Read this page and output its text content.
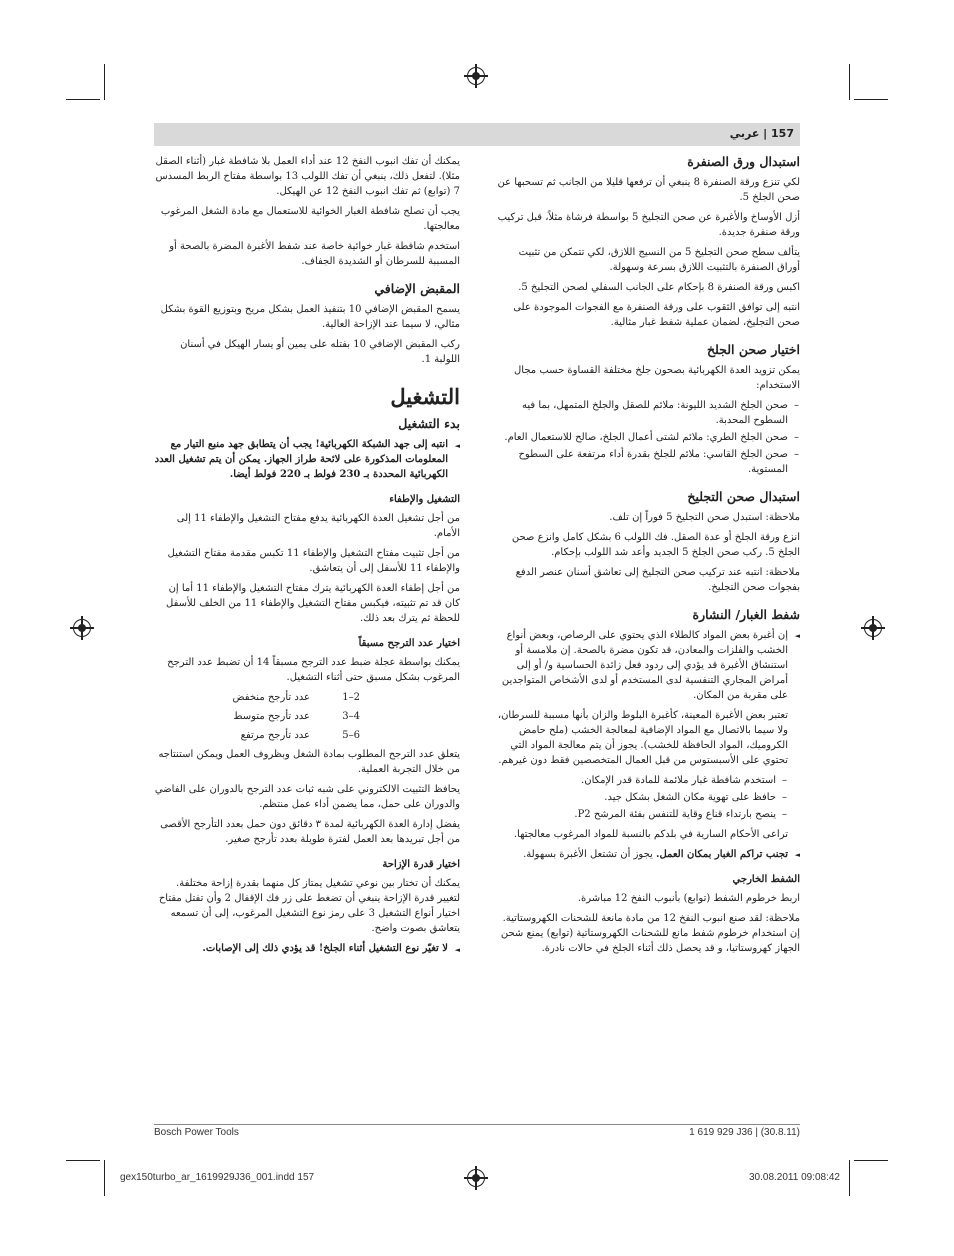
157 | عربي
استبدال ورق الصنفرة

لكي تنزع ورقة الصنفرة 8 ينبغي أن ترفعها قليلا من الجانب ثم تسحبها عن صحن الجلخ 5.

أزل الأوساخ والأغبرة عن صحن التجليخ 5 بواسطة فرشاة مثلاً، قبل تركيب ورقة صنفرة جديدة.

يتألف سطح صحن التجليخ 5 من النسيج اللازق، لكي تتمكن من تثبيت أوراق الصنفرة بالتثبيت اللازق بسرعة وسهولة.

اكبس ورقة الصنفرة 8 بإحكام على الجانب السفلي لصحن التجليخ 5.

انتبه إلى توافق الثقوب على ورقة الصنفرة مع الفجوات الموجودة على صحن التجليخ، لضمان عملية شفط غبار مثالية.

اختيار صحن الجلخ

يمكن تزويد العدة الكهربائية بصحون جلخ مختلفة القساوة حسب مجال الاستخدام:

– صحن الجلخ الشديد الليونة: ملائم للصقل والجلخ المتمهل، بما فيه السطوح المحدبة.
– صحن الجلخ الطري: ملائم لشتى أعمال الجلخ، صالح للاستعمال العام.
– صحن الجلخ القاسي: ملائم للجلخ بقدرة أداء مرتفعة على السطوح المستوية.
استبدال صحن التجليخ

ملاحظة: استبدل صحن التجليخ 5 فوراً إن تلف.

انزع ورقة الجلخ أو عدة الصقل. فك اللولب 6 بشكل كامل وانزع صحن الجلخ 5. ركب صحن الجلخ 5 الجديد وأعد شد اللولب بإحكام.

ملاحظة: انتبه عند تركيب صحن التجليخ إلى تعاشق أسنان عنصر الدفع بفجوات صحن التجليخ.

شفط الغبار/ النشارة
◄ إن أغبرة بعض المواد كالطلاء الذي يحتوي على الرصاص، وبعض أنواع الخشب والفلزات والمعادن، قد تكون مضرة بالصحة. إن ملامسة أو استنشاق الأغبرة قد يؤدي إلى ردود فعل زائدة الحساسية و/ أو إلى أمراض المجاري التنفسية لدى المستخدم أو لدى الأشخاص المتواجدين على مقربة من المكان.

تعتبر بعض الأغبرة المعينة، كأغبرة البلوط والزان بأنها مسببة للسرطان، ولا سيما بالاتصال مع المواد الإضافية لمعالجة الخشب (ملح حامض الكروميك، المواد الحافظة للخشب). يجوز أن يتم معالجة المواد التي تحتوي على الأسبستوس من قبل العمال المتخصصين فقط دون غيرهم.

– استخدم شافطة غبار ملائمة للمادة قدر الإمكان.
– حافظ على تهوية مكان الشغل بشكل جيد.
– ينصح بارتداء قناع وقاية للتنفس بفئة المرشح P2.

تراعى الأحكام السارية في بلدكم بالنسبة للمواد المرغوب معالجتها.

◄ تجنب تراكم الغبار بمكان العمل. يجوز أن تشتعل الأغبرة بسهولة.
الشفط الخارجي

اربط خرطوم الشفط (توابع) بأنبوب النفخ 12 مباشرة.

ملاحظة: لقد صنع انبوب النفخ 12 من مادة مانعة للشحنات الكهروستاتية. إن استخدام خرطوم شفط مانع للشحنات الكهروستاتية (توابع) يمنع شحن الجهاز كهروستاتيا، و قد يحصل ذلك أثناء الجلخ في حالات نادرة.

يمكنك أن تفك انبوب النفخ 12 عند أداء العمل بلا شافطة غبار (أثناء الصقل مثلا). لتفعل ذلك، ينبغي أن تفك اللولب 13 بواسطة مفتاح الربط المسدس 7 (توابع) ثم تفك انبوب النفخ 12 عن الهيكل.

يجب أن تصلح شافطة الغبار الخوائية للاستعمال مع مادة الشغل المرغوب معالجتها.

استخدم شافطة غبار خوائية خاصة عند شفط الأغبرة المضرة بالصحة أو المسببة للسرطان أو الشديدة الجفاف.

المقبض الإضافي

يسمح المقبض الإضافي 10 بتنفيذ العمل بشكل مريح وبتوزيع القوة بشكل مثالي، لا سيما عند الإزاحة العالية.

ركب المقبض الإضافي 10 بفتله على يمين أو يسار الهيكل في أسنان اللولبة 1.

التشغيل
بدء التشغيل
◄ انتبه إلى جهد الشبكة الكهربائية! يجب أن يتطابق جهد منبع التيار مع المعلومات المذكورة على لائحة طراز الجهاز. يمكن أن يتم تشغيل العدد الكهربائية المحددة بـ 230 فولط بـ 220 فولط أيضا.
التشغيل والإطفاء

من أجل تشغيل العدة الكهربائية يدفع مفتاح التشغيل والإطفاء 11 إلى الأمام.

من أجل تثبيت مفتاح التشغيل والإطفاء 11 تكبس مقدمة مفتاح التشغيل والإطفاء 11 للأسفل إلى أن يتعاشق.

من أجل إطفاء العدة الكهربائية يترك مفتاح التشغيل والإطفاء 11 أما إن كان قد تم تثبيته، فيكبس مفتاح التشغيل والإطفاء 11 من الخلف للأسفل للحظة ثم يترك بعد ذلك.

اختيار عدد الترجح مسبقاً

يمكنك بواسطة عجلة ضبط عدد الترجح مسبقاً 14 أن تضبط عدد الترجح المرغوب بشكل مسبق حتى أثناء التشغيل.

2–1
عدد تأرجح منخفض
4–3
عدد تأرجح متوسط
6–5
عدد تأرجح مرتفع

يتعلق عدد الترجح المطلوب بمادة الشغل وبظروف العمل ويمكن استنتاجه من خلال التجربة العملية.

يحافظ التثبيت الالكتروني على شبه ثبات عدد الترجح بالدوران على الفاضي والدوران على حمل، مما يضمن أداء عمل منتظم.

يفضل إدارة العدة الكهربائية لمدة ٣ دقائق دون حمل بعدد التأرجح الأقصى من أجل تبريدها بعد العمل لفترة طويلة بعدد تأرجح صغير.

اختيار قدرة الإزاحة

يمكنك أن تختار بين نوعي تشغيل يمتاز كل منهما بقدرة إزاحة مختلفة. لتغيير قدرة الإزاحة ينبغي أن تضغط على زر فك الإقفال 2 وأن تفتل مفتاح اختيار أنواع التشغيل 3 على رمز نوع التشغيل المرغوب، إلى أن تسمعه يتعاشق بصوت واضح.

◄ لا تغيّر نوع التشغيل أثناء الجلخ! قد يؤدي ذلك إلى الإصابات.
Bosch Power Tools	1 619 929 J36 | (30.8.11)
gex150turbo_ar_1619929J36_001.indd 157	30.08.2011 09:08:42
